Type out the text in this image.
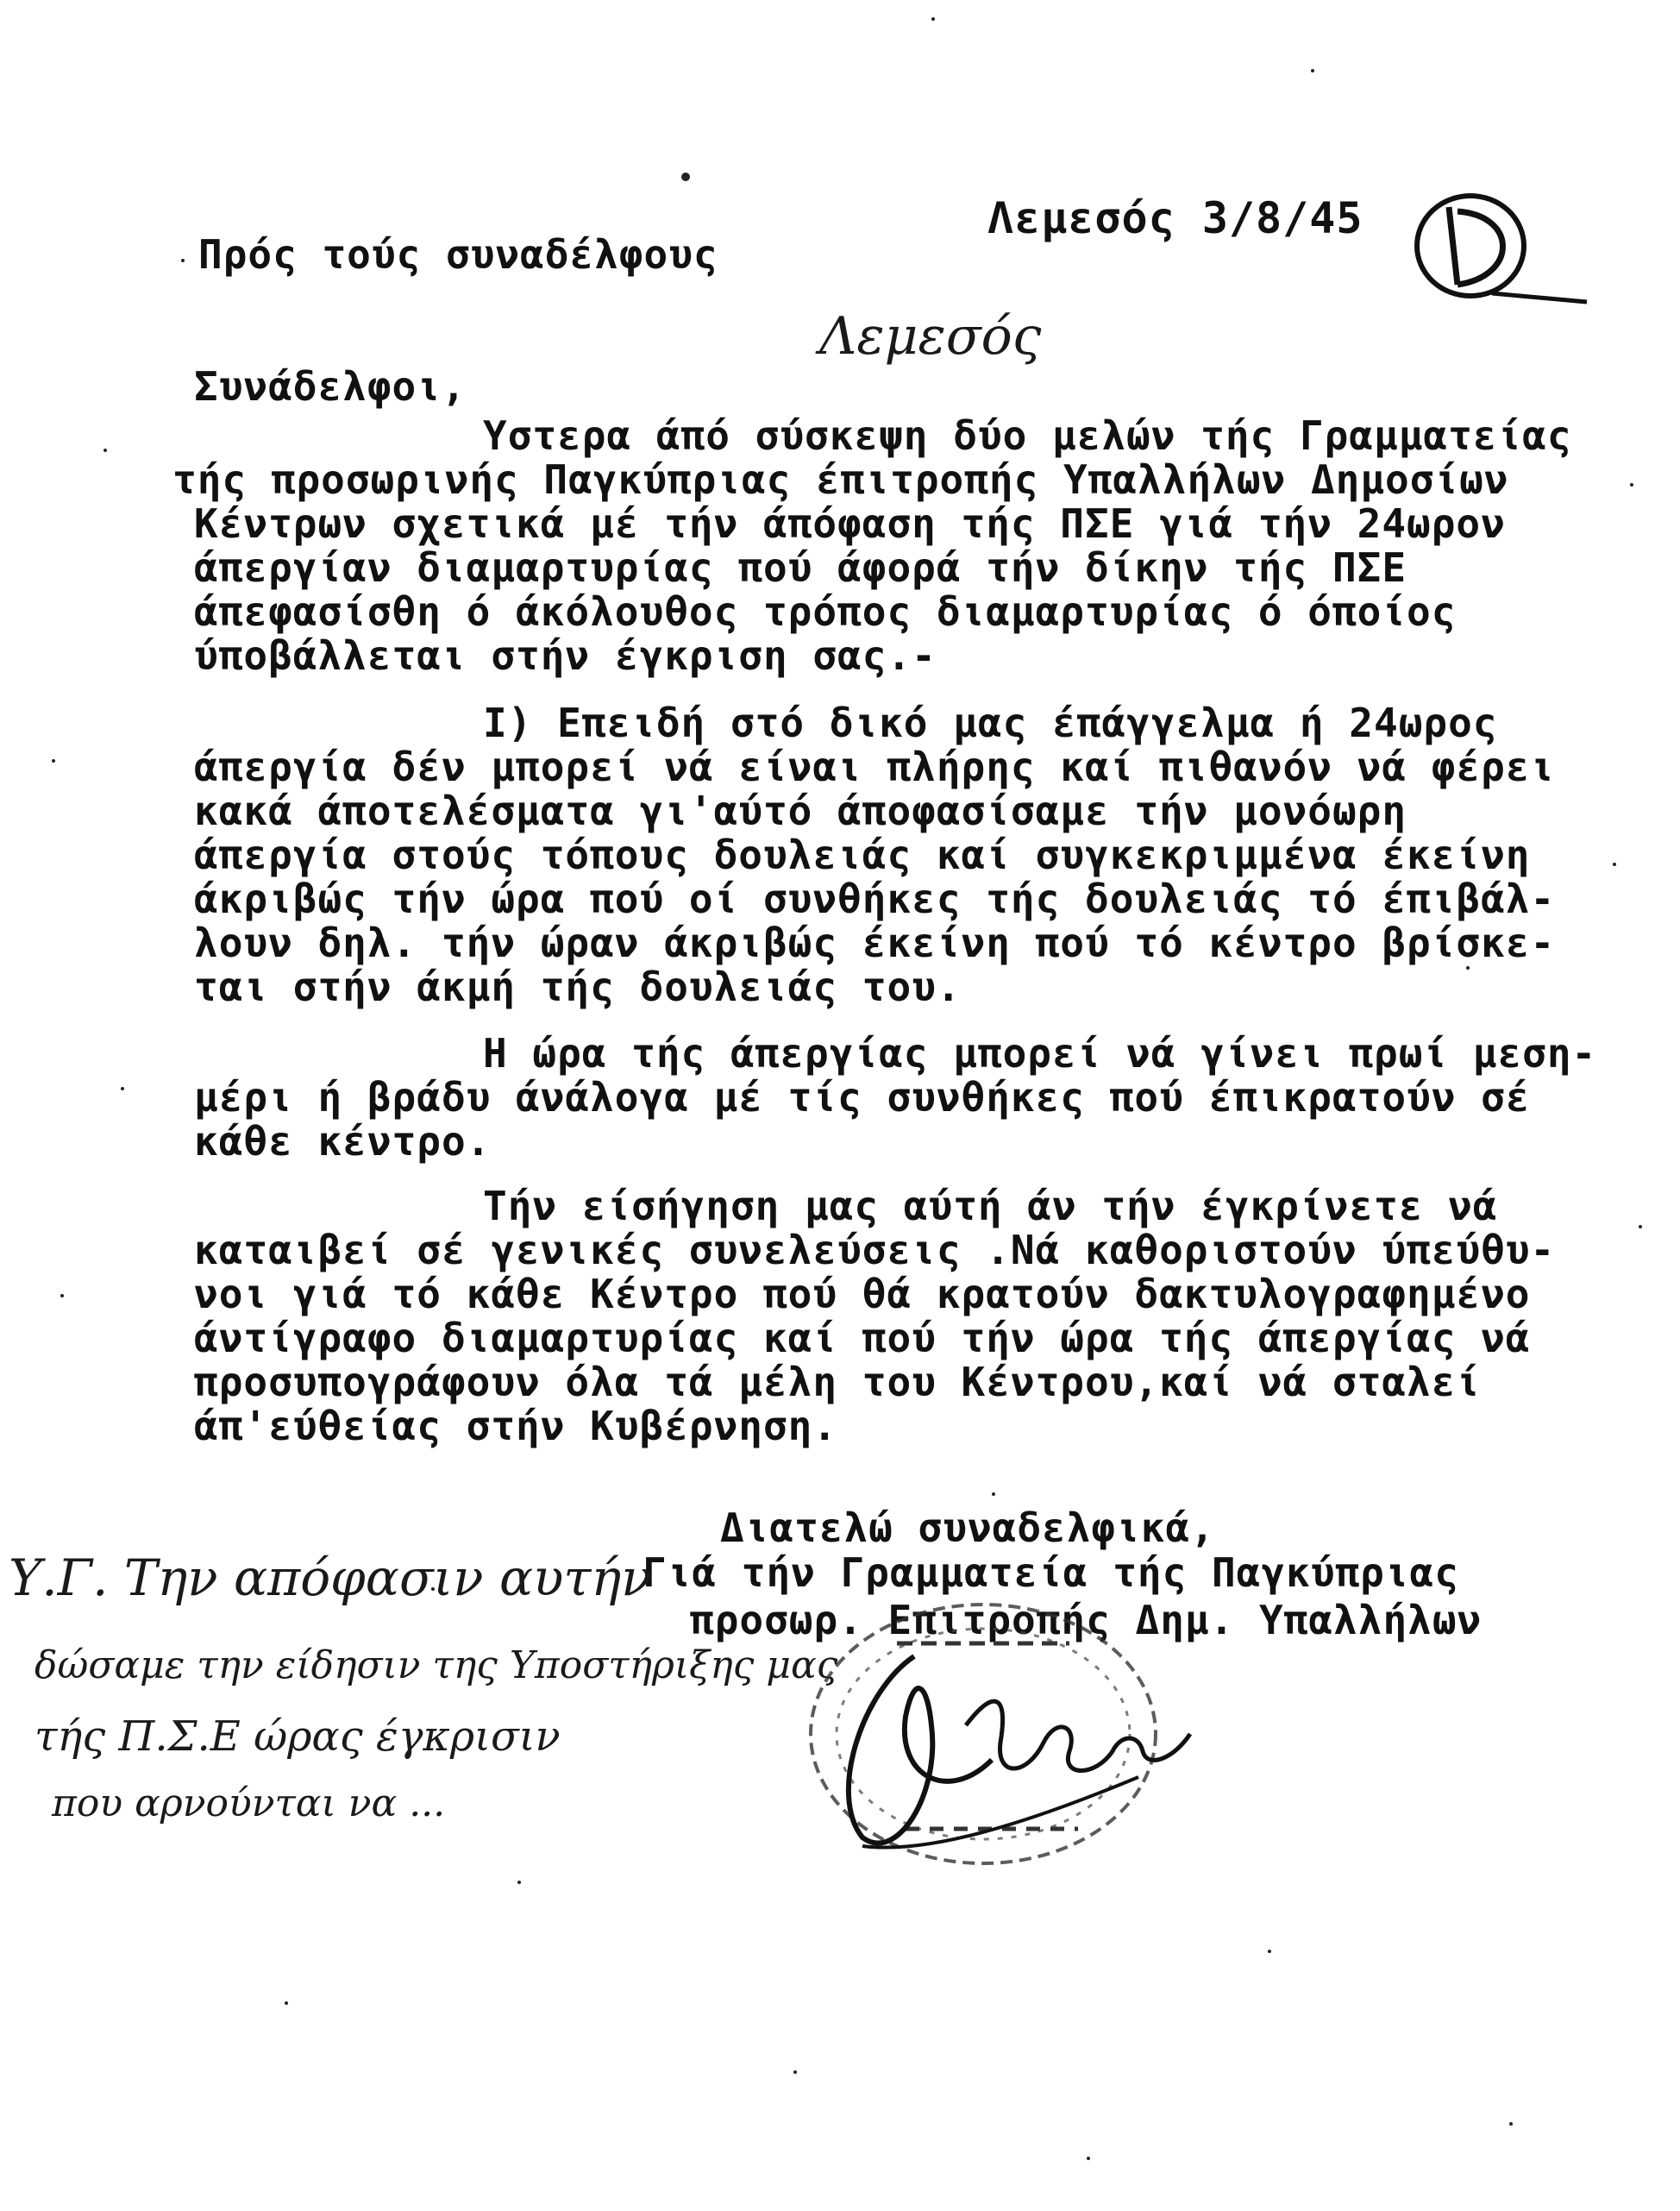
Λεμεσός 3/8/45
Πρός τούς συναδέλφους
Λεμεσός
Συνάδελφοι,
Υστερα άπό σύσκεψη δύο μελών τής Γραμματείας
τής προσωρινής Παγκύπριας έπιτροπής Υπαλλήλων Δημοσίων
Κέντρων σχετικά μέ τήν άπόφαση τής ΠΣΕ γιά τήν 24ωρον
άπεργίαν διαμαρτυρίας πού άφορά τήν δίκην τής ΠΣΕ
άπεφασίσθη ό άκόλουθος τρόπος διαμαρτυρίας ό όποίος
ύποβάλλεται στήν έγκριση σας.-
Ι) Επειδή στό δικό μας έπάγγελμα ή 24ωρος
άπεργία δέν μπορεί νά είναι πλήρης καί πιθανόν νά φέρει
κακά άποτελέσματα γι'αύτό άποφασίσαμε τήν μονόωρη
άπεργία στούς τόπους δουλειάς καί συγκεκριμμένα έκείνη
άκριβώς τήν ώρα πού οί συνθήκες τής δουλειάς τό έπιβάλ-
λουν δηλ. τήν ώραν άκριβώς έκείνη πού τό κέντρο βρίσκε-
ται στήν άκμή τής δουλειάς του.
Η ώρα τής άπεργίας μπορεί νά γίνει πρωί μεση-
μέρι ή βράδυ άνάλογα μέ τίς συνθήκες πού έπικρατούν σέ
κάθε κέντρο.
Τήν είσήγηση μας αύτή άν τήν έγκρίνετε νά
καταιβεί σέ γενικές συνελεύσεις .Νά καθοριστούν ύπεύθυ-
νοι γιά τό κάθε Κέντρο πού θά κρατούν δακτυλογραφημένο
άντίγραφο διαμαρτυρίας καί πού τήν ώρα τής άπεργίας νά
προσυπογράφουν όλα τά μέλη του Κέντρου,καί νά σταλεί
άπ'εύθείας στήν Κυβέρνηση.
Διατελώ συναδελφικά,
Γιά τήν Γραμματεία τής Παγκύπριας
προσωρ. Επιτροπής Δημ. Υπαλλήλων
Υ.Γ. Την απόφασιν αυτήν
δώσαμε την είδησιν της Υποστήριξης μας
τής Π.Σ.Ε ώρας έγκρισιν
που αρνούνται να ...
